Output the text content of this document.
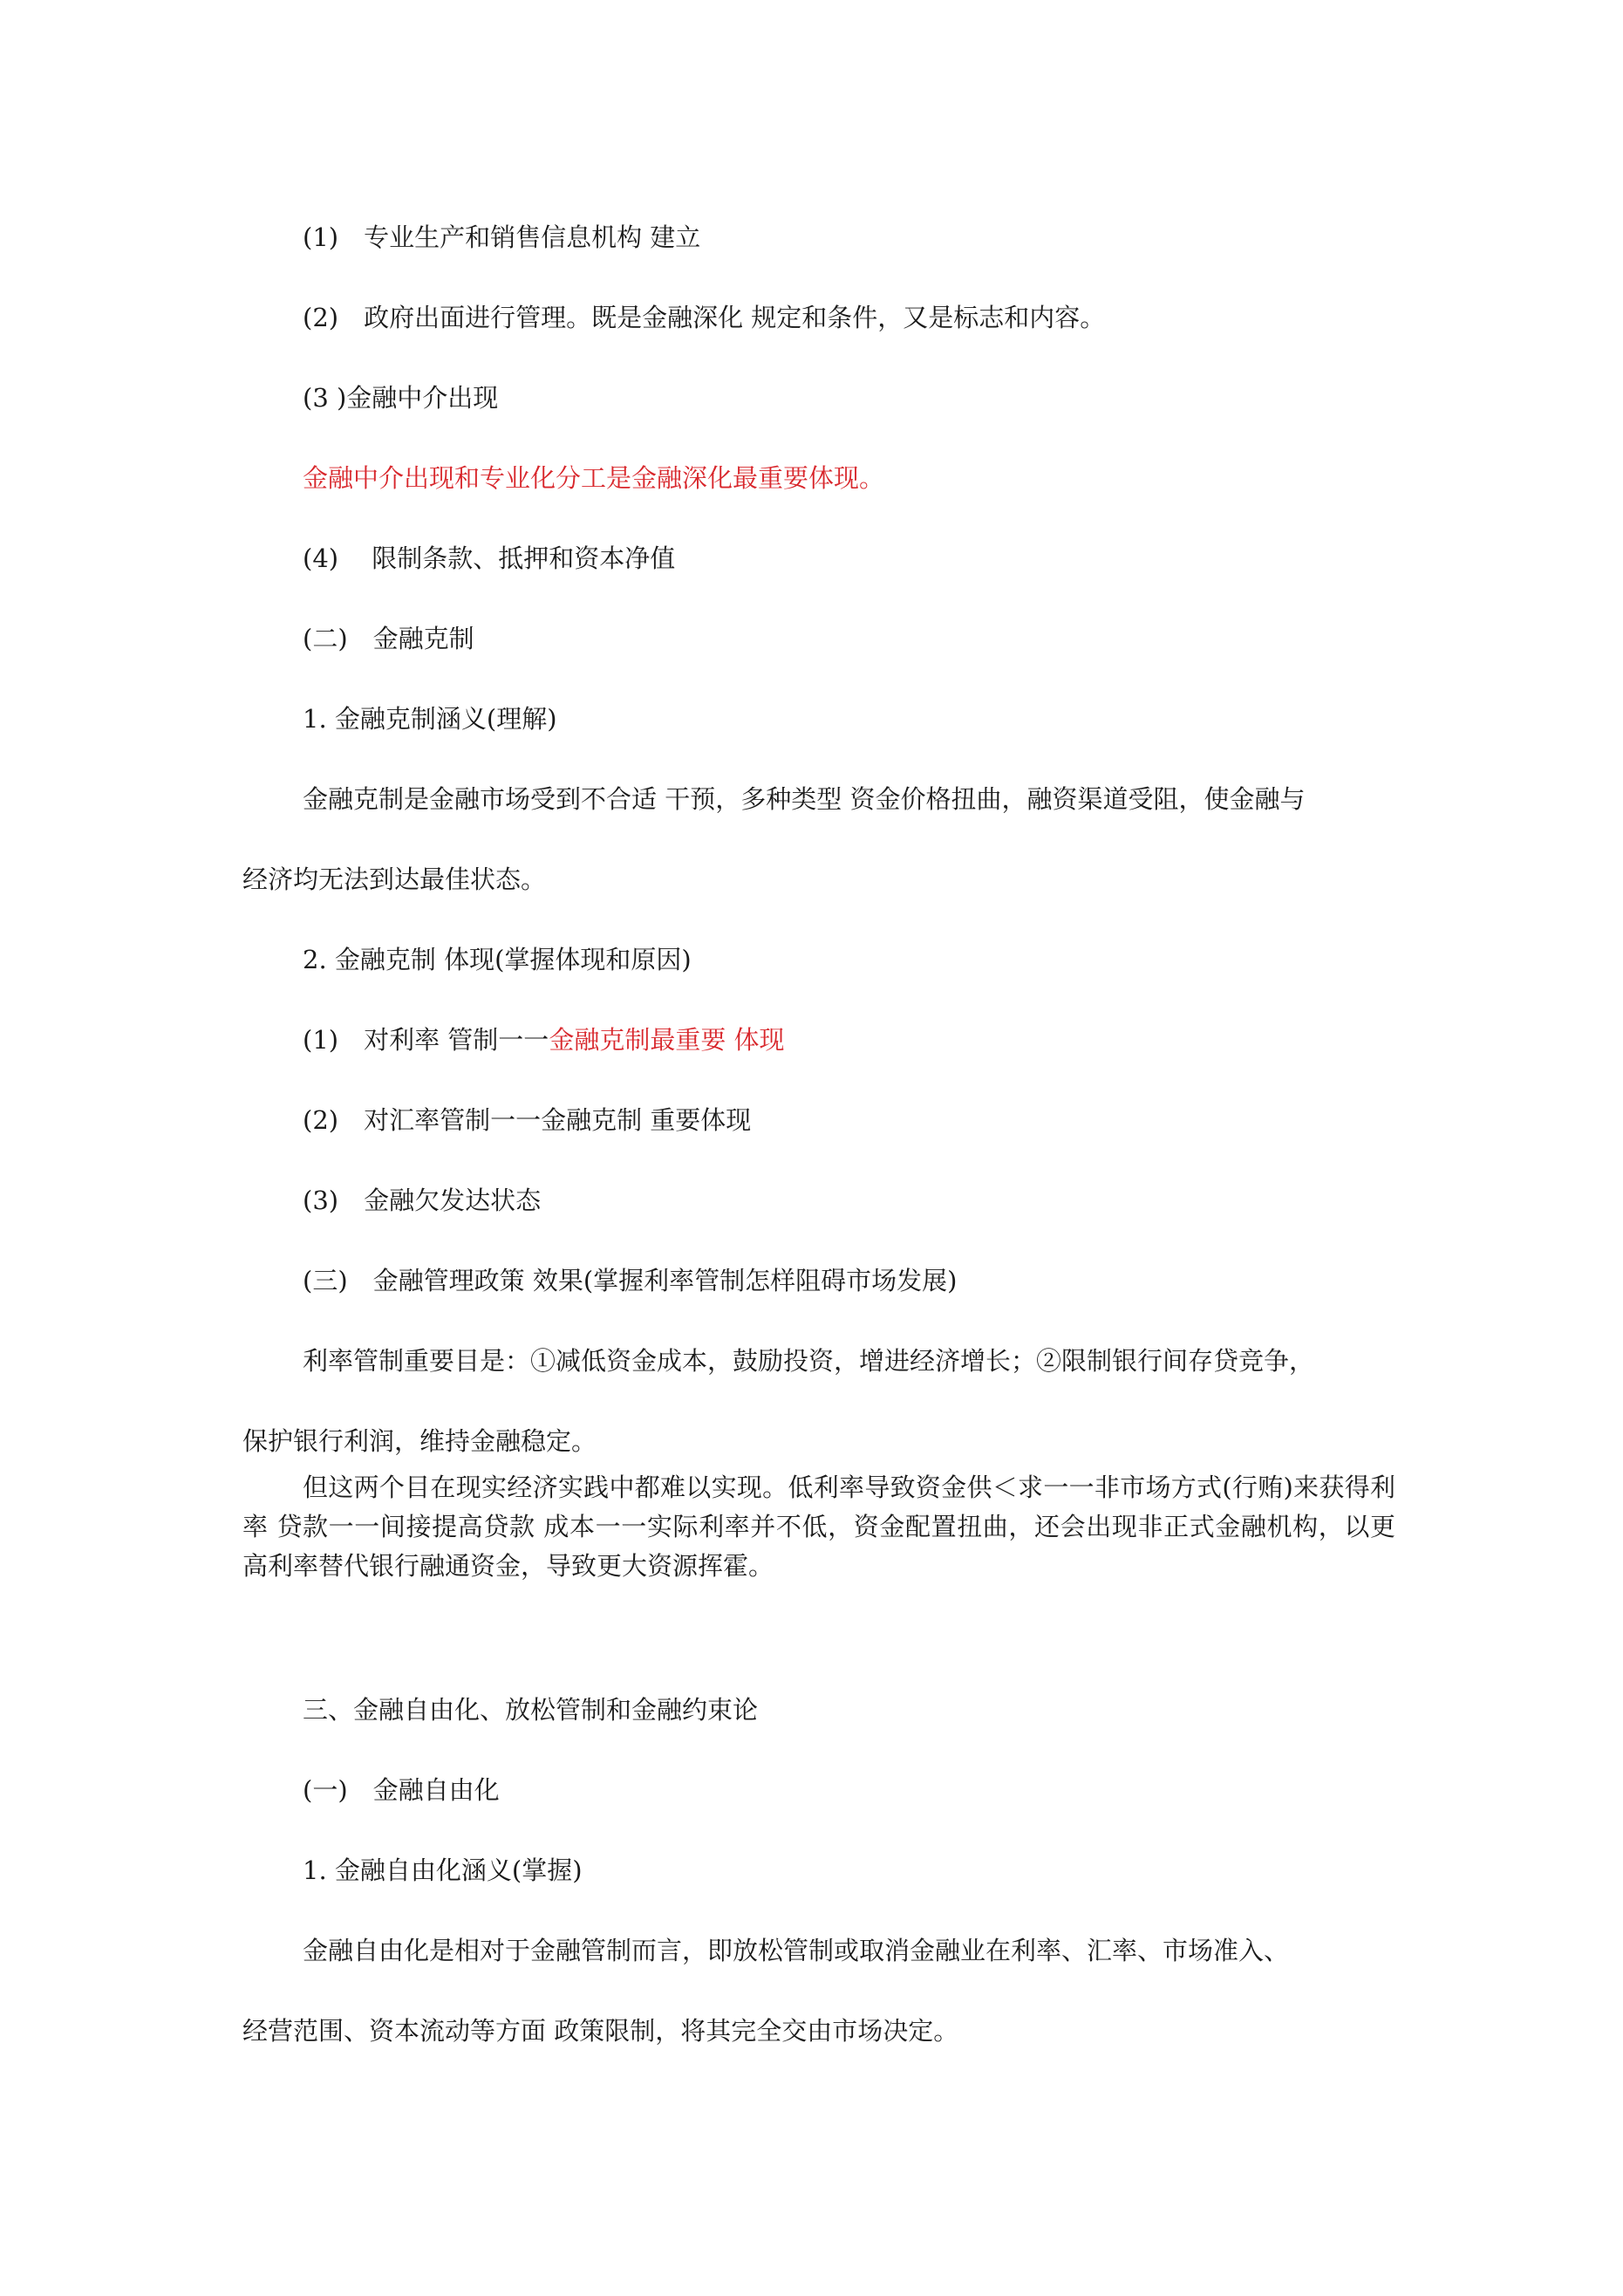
(1)　专业生产和销售信息机构 建立
(2)　政府出面进行管理。既是金融深化 规定和条件，又是标志和内容。
(3 )金融中介出现
金融中介出现和专业化分工是金融深化最重要体现。
(4)　 限制条款、抵押和资本净值
(二)　金融克制
1. 金融克制涵义(理解)
金融克制是金融市场受到不合适 干预，多种类型 资金价格扭曲，融资渠道受阻，使金融与
经济均无法到达最佳状态。
2. 金融克制 体现(掌握体现和原因)
(1)　对利率 管制一一金融克制最重要 体现
(2)　对汇率管制一一金融克制 重要体现
(3)　金融欠发达状态
(三)　金融管理政策 效果(掌握利率管制怎样阻碍市场发展)
利率管制重要目是：①减低资金成本，鼓励投资，增进经济增长；②限制银行间存贷竞争，
保护银行利润，维持金融稳定。
但这两个目在现实经济实践中都难以实现。低利率导致资金供＜求一一非市场方式(行贿)来获得利率 贷款一一间接提高贷款 成本一一实际利率并不低，资金配置扭曲，还会出现非正式金融机构，以更高利率替代银行融通资金，导致更大资源挥霍。
三、金融自由化、放松管制和金融约束论
(一)　金融自由化
1. 金融自由化涵义(掌握)
金融自由化是相对于金融管制而言，即放松管制或取消金融业在利率、汇率、市场准入、
经营范围、资本流动等方面 政策限制，将其完全交由市场决定。
